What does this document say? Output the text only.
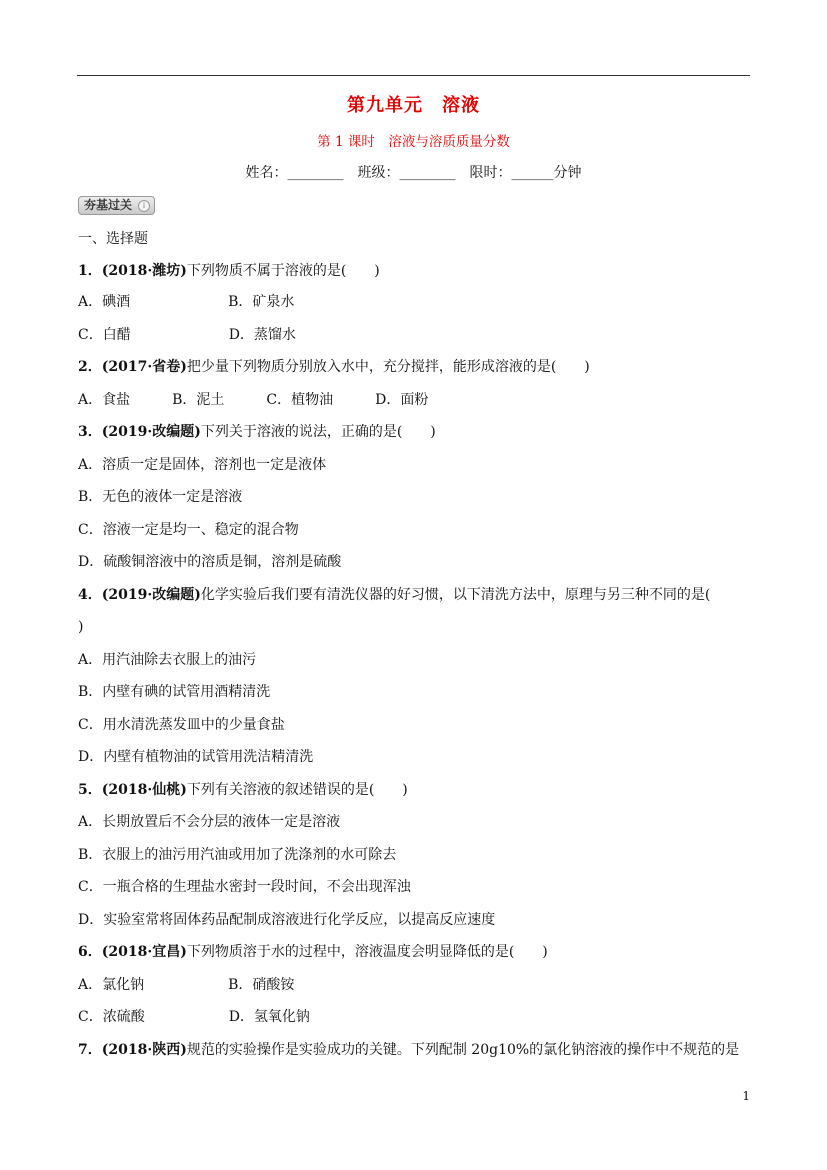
第九单元　溶液
第 1 课时　溶液与溶质质量分数
姓名：________　班级：________　限时：______分钟
夯基过关	i
一、选择题
1．(2018·潍坊)下列物质不属于溶液的是(　　)
A．碘酒　　　　　　　B．矿泉水
C．白醋　　　　　　　D．蒸馏水
2．(2017·省卷)把少量下列物质分别放入水中，充分搅拌，能形成溶液的是(　　)
A．食盐　　　B．泥土　　　C．植物油　　　D．面粉
3．(2019·改编题)下列关于溶液的说法，正确的是(　　)
A．溶质一定是固体，溶剂也一定是液体
B．无色的液体一定是溶液
C．溶液一定是均一、稳定的混合物
D．硫酸铜溶液中的溶质是铜，溶剂是硫酸
4．(2019·改编题)化学实验后我们要有清洗仪器的好习惯，以下清洗方法中，原理与另三种不同的是(
)
A．用汽油除去衣服上的油污
B．内壁有碘的试管用酒精清洗
C．用水清洗蒸发皿中的少量食盐
D．内壁有植物油的试管用洗洁精清洗
5．(2018·仙桃)下列有关溶液的叙述错误的是(　　)
A．长期放置后不会分层的液体一定是溶液
B．衣服上的油污用汽油或用加了洗涤剂的水可除去
C．一瓶合格的生理盐水密封一段时间，不会出现浑浊
D．实验室常将固体药品配制成溶液进行化学反应，以提高反应速度
6．(2018·宜昌)下列物质溶于水的过程中，溶液温度会明显降低的是(　　)
A．氯化钠　　　　　　B．硝酸铵
C．浓硫酸　　　　　　D．氢氧化钠
7．(2018·陕西)规范的实验操作是实验成功的关键。下列配制 20g10%的氯化钠溶液的操作中不规范的是
1
